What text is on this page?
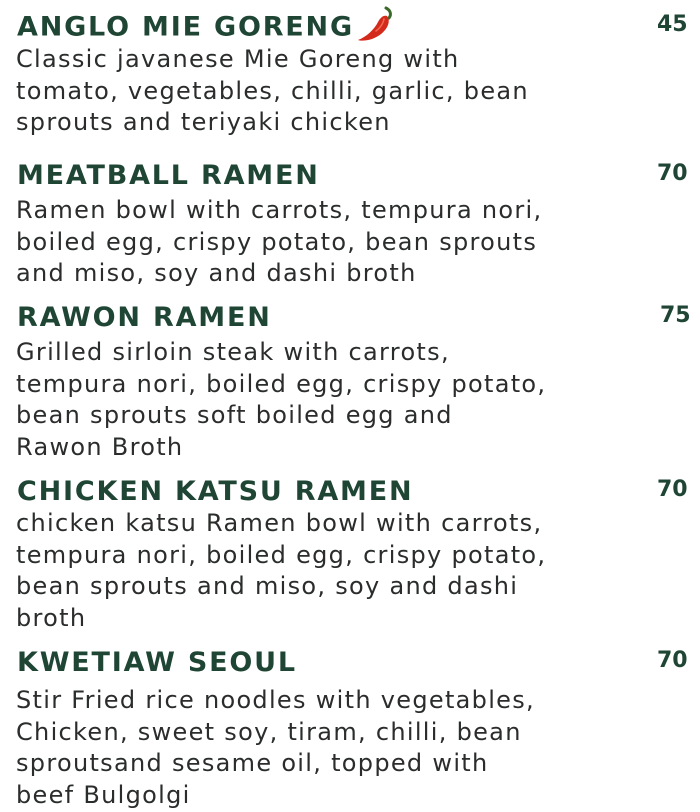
ANGLO MIE GORENG	45

Classic javanese Mie Goreng with
tomato, vegetables, chilli, garlic, bean
sprouts and teriyaki chicken

MEATBALL RAMEN	70

Ramen bowl with carrots, tempura nori,
boiled egg, crispy potato, bean sprouts
and miso, soy and dashi broth

RAWON RAMEN	75

Grilled sirloin steak with carrots,
tempura nori, boiled egg, crispy potato,
bean sprouts soft boiled egg and
Rawon Broth

CHICKEN KATSU RAMEN	70

chicken katsu Ramen bowl with carrots,
tempura nori, boiled egg, crispy potato,
bean sprouts and miso, soy and dashi
broth

KWETIAW SEOUL	70

Stir Fried rice noodles with vegetables,
Chicken, sweet soy, tiram, chilli, bean
sproutsand sesame oil, topped with
beef Bulgolgi
